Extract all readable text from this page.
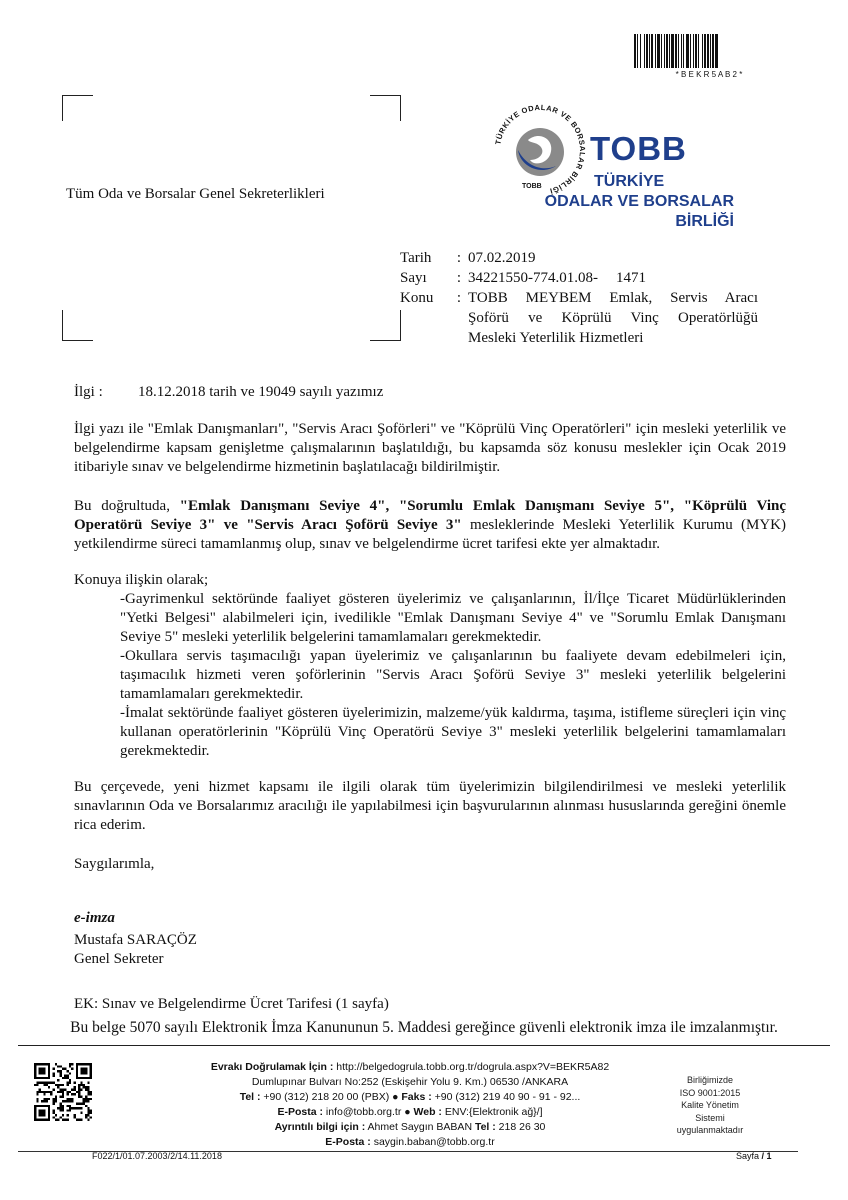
* B E K R 5 A B 2 *
TÜRKİYE ODALAR VE BORSALAR BİRLİĞİ
TOBB
TOBB
TÜRKİYE
ODALAR VE BORSALAR
BİRLİĞİ
Tüm Oda ve Borsalar Genel Sekreterlikleri
Tarih : 07.02.2019
Sayı : 34221550-774.01.08- 1471
Konu	: TOBB MEYBEM Emlak, Servis Aracı
Şoförü ve Köprülü Vinç Operatörlüğü
Mesleki Yeterlilik Hizmetleri
İlgi : 18.12.2018 tarih ve 19049 sayılı yazımız

İlgi yazı ile "Emlak Danışmanları", "Servis Aracı Şoförleri" ve "Köprülü Vinç Operatörleri" için mesleki yeterlilik ve belgelendirme kapsam genişletme çalışmalarının başlatıldığı, bu kapsamda söz konusu meslekler için Ocak 2019 itibariyle sınav ve belgelendirme hizmetinin başlatılacağı bildirilmiştir.

Bu doğrultuda, "Emlak Danışmanı Seviye 4", "Sorumlu Emlak Danışmanı Seviye 5", "Köprülü Vinç Operatörü Seviye 3" ve "Servis Aracı Şoförü Seviye 3" mesleklerinde Mesleki Yeterlilik Kurumu (MYK) yetkilendirme süreci tamamlanmış olup, sınav ve belgelendirme ücret tarifesi ekte yer almaktadır.

Konuya ilişkin olarak;

-Gayrimenkul sektöründe faaliyet gösteren üyelerimiz ve çalışanlarının, İl/İlçe Ticaret Müdürlüklerinden "Yetki Belgesi" alabilmeleri için, ivedilikle "Emlak Danışmanı Seviye 4" ve "Sorumlu Emlak Danışmanı Seviye 5" mesleki yeterlilik belgelerini tamamlamaları gerekmektedir.

-Okullara servis taşımacılığı yapan üyelerimiz ve çalışanlarının bu faaliyete devam edebilmeleri için, taşımacılık hizmeti veren şoförlerinin "Servis Aracı Şoförü Seviye 3" mesleki yeterlilik belgelerini tamamlamaları gerekmektedir.

-İmalat sektöründe faaliyet gösteren üyelerimizin, malzeme/yük kaldırma, taşıma, istifleme süreçleri için vinç kullanan operatörlerinin "Köprülü Vinç Operatörü Seviye 3" mesleki yeterlilik belgelerini tamamlamaları gerekmektedir.

Bu çerçevede, yeni hizmet kapsamı ile ilgili olarak tüm üyelerimizin bilgilendirilmesi ve mesleki yeterlilik sınavlarının Oda ve Borsalarımız aracılığı ile yapılabilmesi için başvurularının alınması hususlarında gereğini önemle rica ederim.

Saygılarımla,
e-imza
Mustafa SARAÇÖZ
Genel Sekreter
EK: Sınav ve Belgelendirme Ücret Tarifesi (1 sayfa)
Bu belge 5070 sayılı Elektronik İmza Kanununun 5. Maddesi gereğince güvenli elektronik imza ile imzalanmıştır.
Evrakı Doğrulamak İçin : http://belgedogrula.tobb.org.tr/dogrula.aspx?V=BEKR5A82
Dumlupınar Bulvarı No:252 (Eskişehir Yolu 9. Km.) 06530 /ANKARA
Tel : +90 (312) 218 20 00 (PBX) ● Faks : +90 (312) 219 40 90 - 91 - 92...
E-Posta : info@tobb.org.tr ● Web : ENV:{Elektronik ağ}/]
Ayrıntılı bilgi için : Ahmet Saygın BABAN Tel : 218 26 30
E-Posta : saygin.baban@tobb.org.tr
Birliğimizde
ISO 9001:2015
Kalite Yönetim
Sistemi
uygulanmaktadır
F022/1/01.07.2003/2/14.11.2018	Sayfa / 1
